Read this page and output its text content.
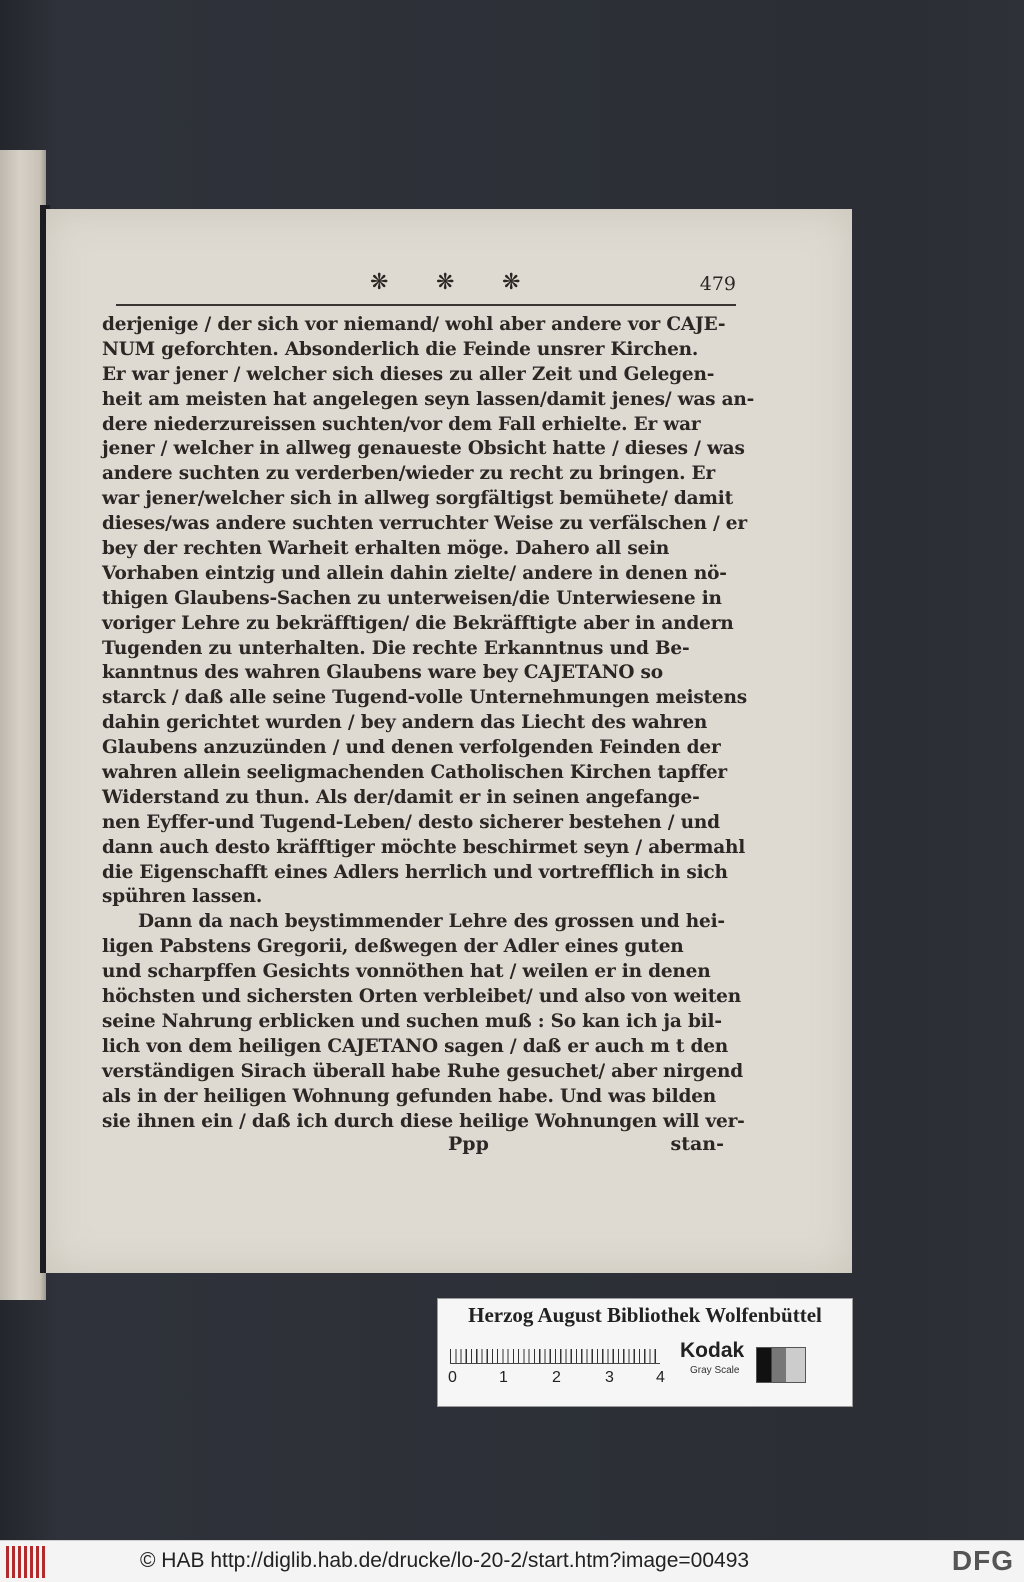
❋ ❋ ❋	479
derjenige / der sich vor niemand/ wohl aber andere vor CAJE-
NUM geforchten. Absonderlich die Feinde unsrer Kirchen.
Er war jener / welcher sich dieses zu aller Zeit und Gelegen-
heit am meisten hat angelegen seyn lassen/damit jenes/ was an-
dere niederzureissen suchten/vor dem Fall erhielte. Er war
jener / welcher in allweg genaueste Obsicht hatte / dieses / was
andere suchten zu verderben/wieder zu recht zu bringen. Er
war jener/welcher sich in allweg sorgfältigst bemühete/ damit
dieses/was andere suchten verruchter Weise zu verfälschen / er
bey der rechten Warheit erhalten möge. Dahero all sein
Vorhaben eintzig und allein dahin zielte/ andere in denen nö-
thigen Glaubens-Sachen zu unterweisen/die Unterwiesene in
voriger Lehre zu bekräfftigen/ die Bekräfftigte aber in andern
Tugenden zu unterhalten. Die rechte Erkanntnus und Be-
kanntnus des wahren Glaubens ware bey CAJETANO so
starck / daß alle seine Tugend-volle Unternehmungen meistens
dahin gerichtet wurden / bey andern das Liecht des wahren
Glaubens anzuzünden / und denen verfolgenden Feinden der
wahren allein seeligmachenden Catholischen Kirchen tapffer
Widerstand zu thun. Als der/damit er in seinen angefange-
nen Eyffer-und Tugend-Leben/ desto sicherer bestehen / und
dann auch desto kräfftiger möchte beschirmet seyn / abermahl
die Eigenschafft eines Adlers herrlich und vortrefflich in sich
spühren lassen.
Dann da nach beystimmender Lehre des grossen und hei-
ligen Pabstens Gregorii, deßwegen der Adler eines guten
und scharpffen Gesichts vonnöthen hat / weilen er in denen
höchsten und sichersten Orten verbleibet/ und also von weiten
seine Nahrung erblicken und suchen muß : So kan ich ja bil-
lich von dem heiligen CAJETANO sagen / daß er auch m t den
verständigen Sirach überall habe Ruhe gesuchet/ aber nirgend
als in der heiligen Wohnung gefunden habe. Und was bilden
sie ihnen ein / daß ich durch diese heilige Wohnungen will ver-
Ppp	stan-
Herzog August Bibliothek Wolfenbüttel
0	1	2	3	4
Kodak
Gray Scale
© HAB http://diglib.hab.de/drucke/lo-20-2/start.htm?image=00493	DFG
